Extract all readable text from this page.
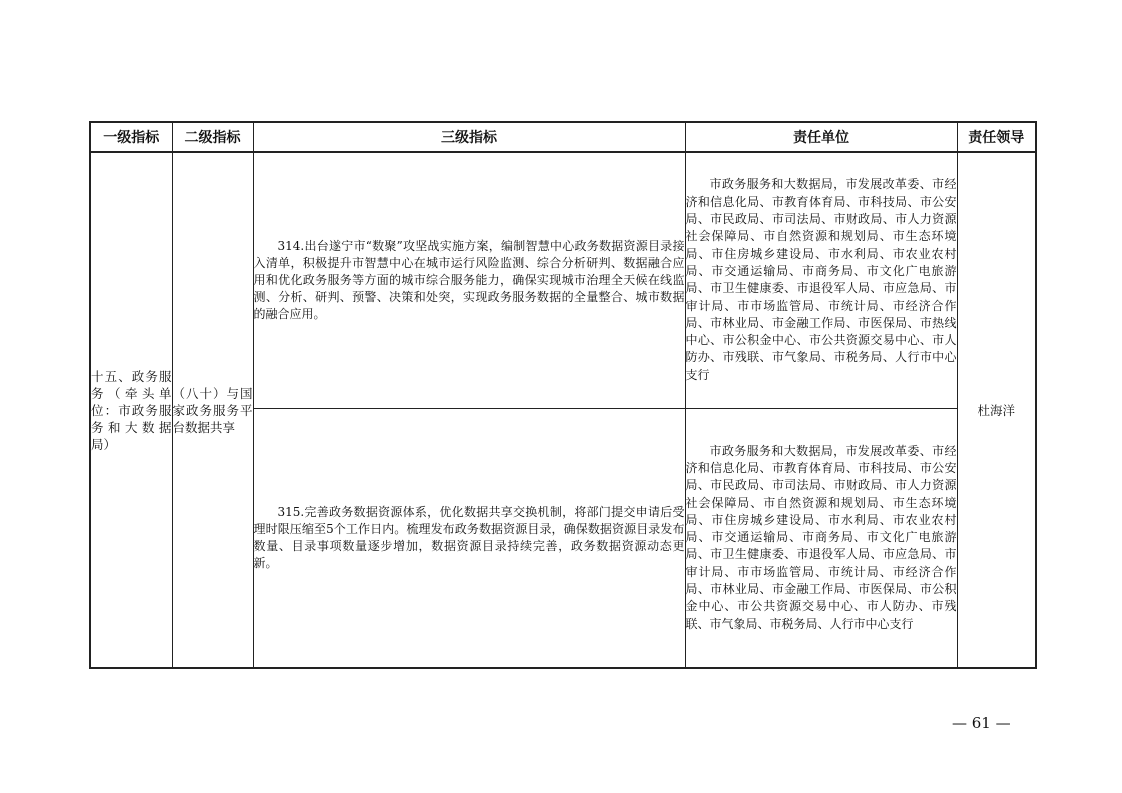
一级指标	二级指标	三级指标	责任单位	责任领导
十五、政务服务（牵头单位：市政务服务和大数据局）	（八十）与国家政务服务平台数据共享	314.出台遂宁市“数聚”攻坚战实施方案，编制智慧中心政务数据资源目录接入清单，积极提升市智慧中心在城市运行风险监测、综合分析研判、数据融合应用和优化政务服务等方面的城市综合服务能力，确保实现城市治理全天候在线监测、分析、研判、预警、决策和处突，实现政务服务数据的全量整合、城市数据的融合应用。	市政务服务和大数据局，市发展改革委、市经济和信息化局、市教育体育局、市科技局、市公安局、市民政局、市司法局、市财政局、市人力资源社会保障局、市自然资源和规划局、市生态环境局、市住房城乡建设局、市水利局、市农业农村局、市交通运输局、市商务局、市文化广电旅游局、市卫生健康委、市退役军人局、市应急局、市审计局、市市场监管局、市统计局、市经济合作局、市林业局、市金融工作局、市医保局、市热线中心、市公积金中心、市公共资源交易中心、市人防办、市残联、市气象局、市税务局、人行市中心支行	杜海洋

		315.完善政务数据资源体系，优化数据共享交换机制，将部门提交申请后受理时限压缩至5个工作日内。梳理发布政务数据资源目录，确保数据资源目录发布数量、目录事项数量逐步增加，数据资源目录持续完善，政务数据资源动态更新。	市政务服务和大数据局，市发展改革委、市经济和信息化局、市教育体育局、市科技局、市公安局、市民政局、市司法局、市财政局、市人力资源社会保障局、市自然资源和规划局、市生态环境局、市住房城乡建设局、市水利局、市农业农村局、市交通运输局、市商务局、市文化广电旅游局、市卫生健康委、市退役军人局、市应急局、市审计局、市市场监管局、市统计局、市经济合作局、市林业局、市金融工作局、市医保局、市公积金中心、市公共资源交易中心、市人防办、市残联、市气象局、市税务局、人行市中心支行	

— 61 —
